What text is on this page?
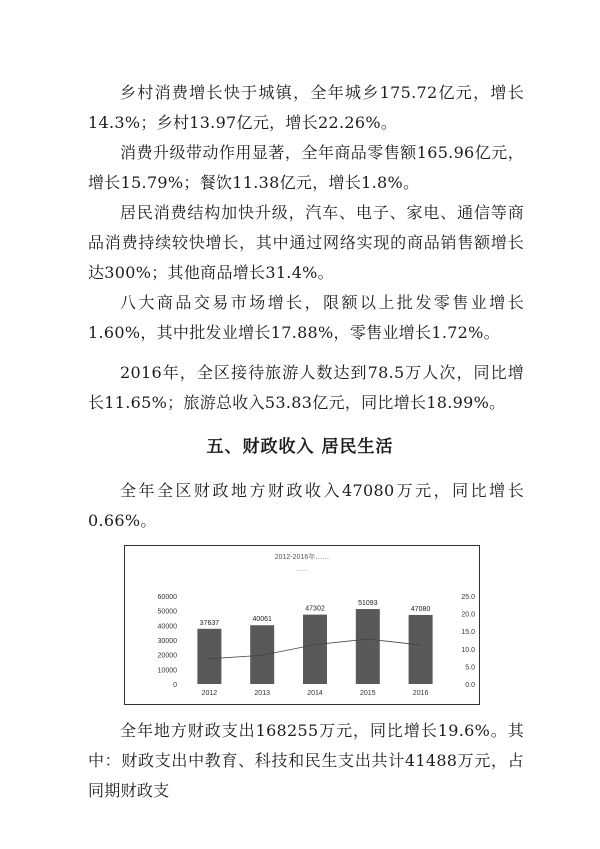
乡村消费增长快于城镇，全年城乡175.72亿元，增长14.3%；乡村13.97亿元，增长22.26%。

消费升级带动作用显著，全年商品零售额165.96亿元，增长15.79%；餐饮11.38亿元，增长1.8%。

居民消费结构加快升级，汽车、电子、家电、通信等商品消费持续较快增长，其中通过网络实现的商品销售额增长达300%；其他商品增长31.4%。

八大商品交易市场增长，限额以上批发零售业增长1.60%，其中批发业增长17.88%，零售业增长1.72%。

2016年，全区接待旅游人数达到78.5万人次，同比增长11.65%；旅游总收入53.83亿元，同比增长18.99%。

五、财政收入 居民生活

全年全区财政地方财政收入47080万元，同比增长0.66%。

2012-2016年……
……
60000
50000
40000
30000
20000
10000
0
25.0
20.0
15.0
10.0
5.0
0.0
37637
40061
47302
51093
47080
2012	2013	2014	2015	2016

全年地方财政支出168255万元，同比增长19.6%。其中：财政支出中教育、科技和民生支出共计41488万元，占同期财政支
